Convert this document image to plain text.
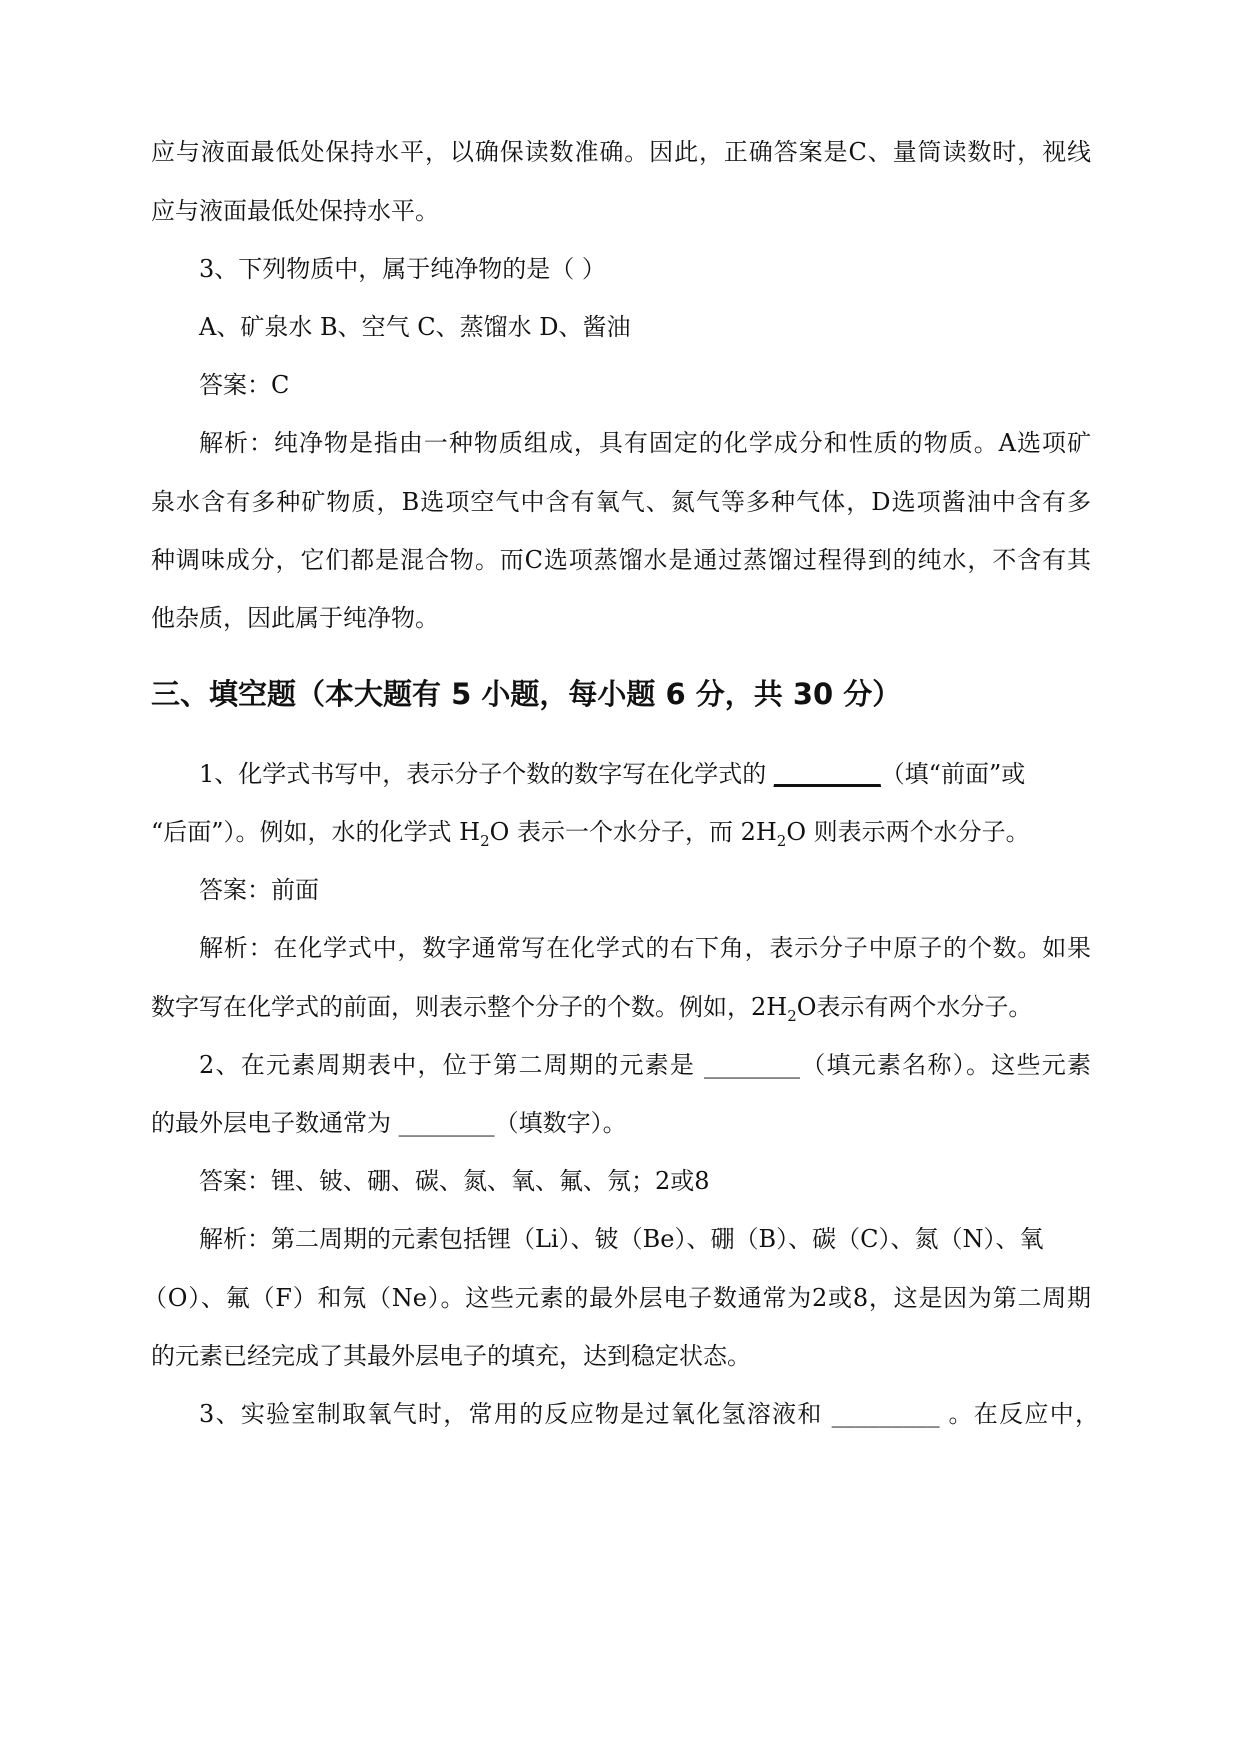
应与液面最低处保持水平，以确保读数准确。因此，正确答案是C、量筒读数时，视线
应与液面最低处保持水平。
3、下列物质中，属于纯净物的是（ ）
A、矿泉水 B、空气 C、蒸馏水 D、酱油
答案：C
解析：纯净物是指由一种物质组成，具有固定的化学成分和性质的物质。A选项矿
泉水含有多种矿物质，B选项空气中含有氧气、氮气等多种气体，D选项酱油中含有多
种调味成分，它们都是混合物。而C选项蒸馏水是通过蒸馏过程得到的纯水，不含有其
他杂质，因此属于纯净物。
三、填空题（本大题有 5 小题，每小题 6 分，共 30 分）
1、化学式书写中，表示分子个数的数字写在化学式的 ________（填“前面”或
“后面”）。例如，水的化学式 $H_2O$ 表示一个水分子，而 $2H_2O$ 则表示两个水分子。
答案：前面
解析：在化学式中，数字通常写在化学式的右下角，表示分子中原子的个数。如果
数字写在化学式的前面，则表示整个分子的个数。例如，$2H_2O$表示有两个水分子。
2、在元素周期表中，位于第二周期的元素是 ________（填元素名称）。这些元素
的最外层电子数通常为 ________（填数字）。
答案：锂、铍、硼、碳、氮、氧、氟、氖；2或8
解析：第二周期的元素包括锂（Li）、铍（Be）、硼（B）、碳（C）、氮（N）、氧
（O）、氟（F）和氖（Ne）。这些元素的最外层电子数通常为2或8，这是因为第二周期
的元素已经完成了其最外层电子的填充，达到稳定状态。
3、实验室制取氧气时，常用的反应物是过氧化氢溶液和 _________ 。在反应中，
